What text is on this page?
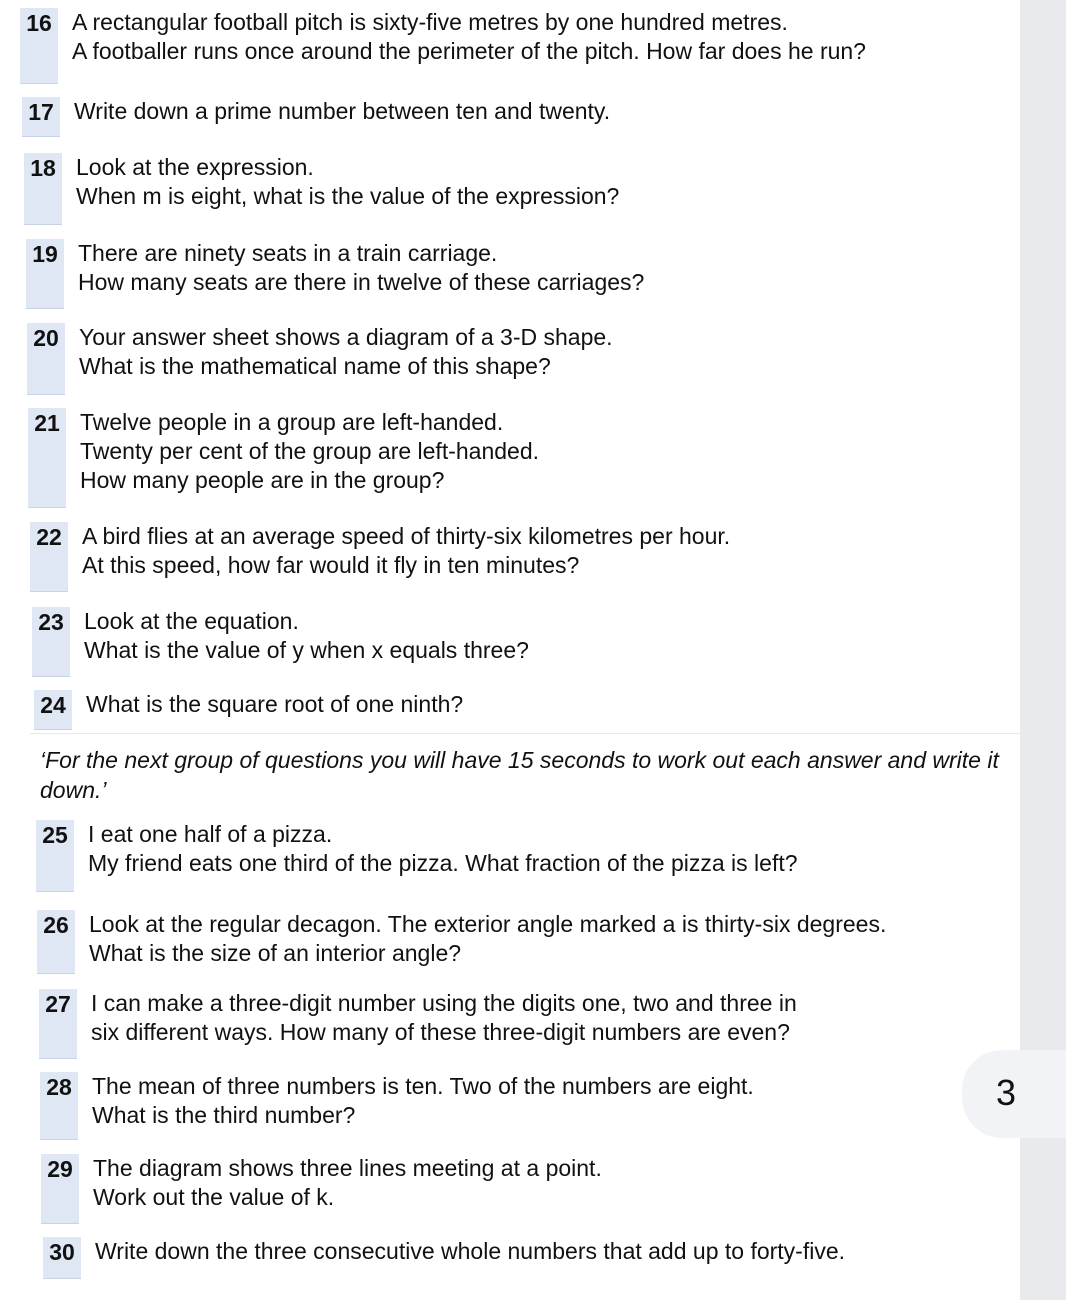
16 A rectangular football pitch is sixty-five metres by one hundred metres.
A footballer runs once around the perimeter of the pitch. How far does he run?
17 Write down a prime number between ten and twenty.
18 Look at the expression.
When m is eight, what is the value of the expression?
19 There are ninety seats in a train carriage.
How many seats are there in twelve of these carriages?
20 Your answer sheet shows a diagram of a 3-D shape.
What is the mathematical name of this shape?
21 Twelve people in a group are left-handed.
Twenty per cent of the group are left-handed.
How many people are in the group?
22 A bird flies at an average speed of thirty-six kilometres per hour.
At this speed, how far would it fly in ten minutes?
23 Look at the equation.
What is the value of y when x equals three?
24 What is the square root of one ninth?
‘For the next group of questions you will have 15 seconds to work out each answer and write it down.’
25 I eat one half of a pizza.
My friend eats one third of the pizza. What fraction of the pizza is left?
26 Look at the regular decagon. The exterior angle marked a is thirty-six degrees.
What is the size of an interior angle?
27 I can make a three-digit number using the digits one, two and three in
six different ways. How many of these three-digit numbers are even?
28 The mean of three numbers is ten. Two of the numbers are eight.
What is the third number?
29 The diagram shows three lines meeting at a point.
Work out the value of k.
30 Write down the three consecutive whole numbers that add up to forty-five.
3
